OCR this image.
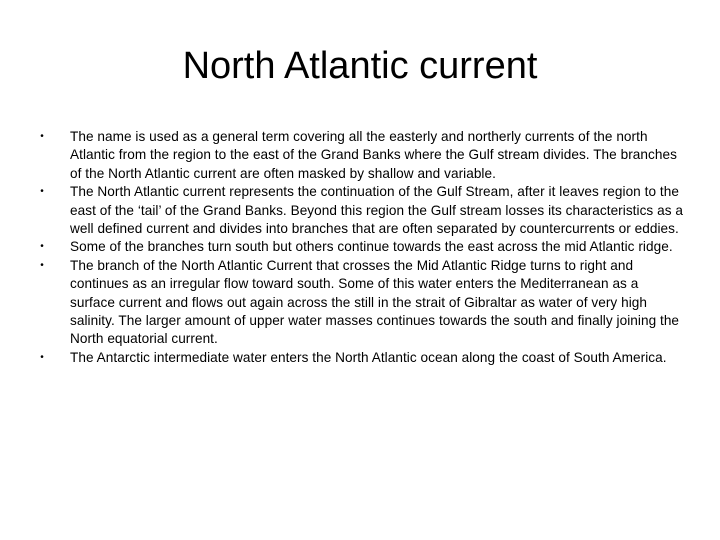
North Atlantic current
•	The name is used as a general term covering all the easterly and northerly currents of the north Atlantic from the region to the east of the Grand Banks where the Gulf stream divides. The branches of the North Atlantic current are often masked by shallow and variable.
•	The North Atlantic current represents the continuation of the Gulf Stream, after it leaves region to the east of the ‘tail’ of the Grand Banks. Beyond this region the Gulf stream losses its characteristics as a well defined current and divides into branches that are often separated by countercurrents or eddies.
•	Some of the branches turn south but others continue towards the east across the mid Atlantic ridge.
•	The branch of the North Atlantic Current that crosses the Mid Atlantic Ridge turns to right and continues as an irregular flow toward south. Some of this water enters the Mediterranean as a surface current and flows out again across the still in the strait of Gibraltar as water of very high salinity. The larger amount of upper water masses continues towards the south and finally joining the North equatorial current.
•	The Antarctic intermediate water enters the North Atlantic ocean along the coast of South America.
